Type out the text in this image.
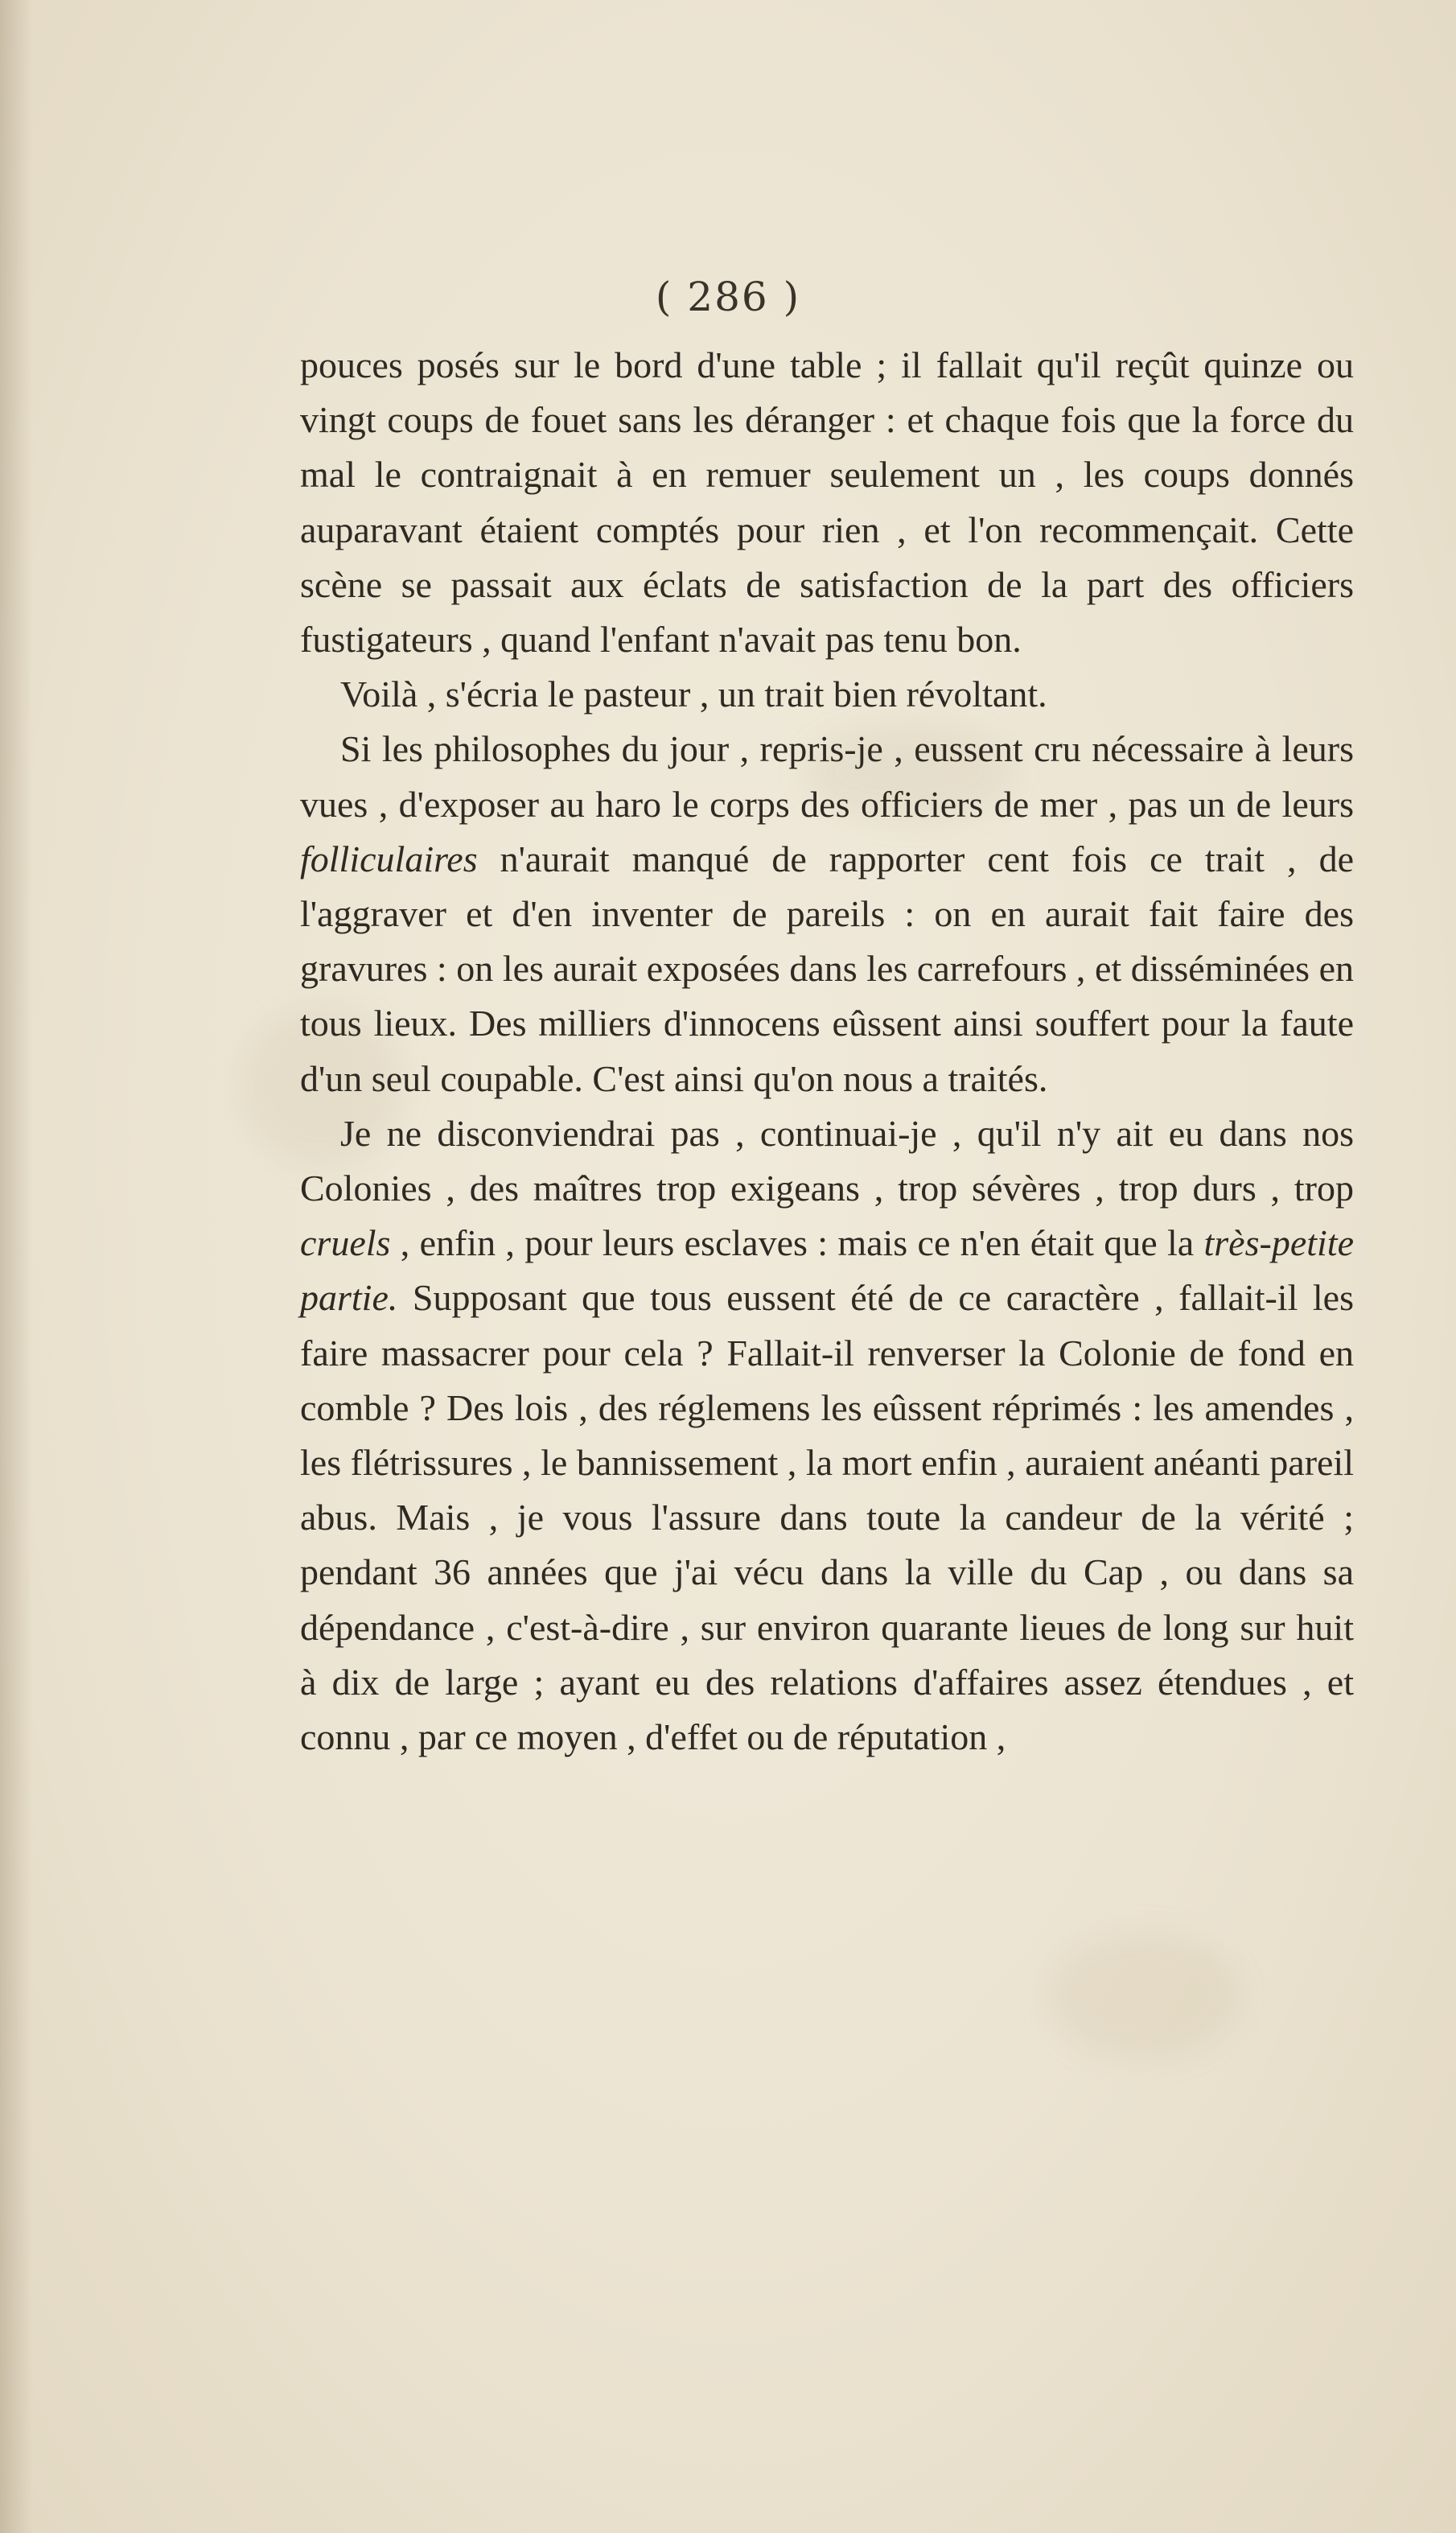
( 286 )

pouces posés sur le bord d'une table ; il fallait qu'il reçût quinze ou vingt coups de fouet sans les déranger : et chaque fois que la force du mal le contraignait à en remuer seulement un , les coups donnés auparavant étaient comptés pour rien , et l'on recommençait. Cette scène se passait aux éclats de satisfaction de la part des officiers fustigateurs , quand l'enfant n'avait pas tenu bon.

Voilà , s'écria le pasteur , un trait bien révoltant.

Si les philosophes du jour , repris-je , eussent cru nécessaire à leurs vues , d'exposer au haro le corps des officiers de mer , pas un de leurs folliculaires n'aurait manqué de rapporter cent fois ce trait , de l'aggraver et d'en inventer de pareils : on en aurait fait faire des gravures : on les aurait exposées dans les carrefours , et disséminées en tous lieux. Des milliers d'innocens eûssent ainsi souffert pour la faute d'un seul coupable. C'est ainsi qu'on nous a traités.

Je ne disconviendrai pas , continuai-je , qu'il n'y ait eu dans nos Colonies , des maîtres trop exigeans , trop sévères , trop durs , trop cruels , enfin , pour leurs esclaves : mais ce n'en était que la très-petite partie. Supposant que tous eussent été de ce caractère , fallait-il les faire massacrer pour cela ? Fallait-il renverser la Colonie de fond en comble ? Des lois , des réglemens les eûssent réprimés : les amendes , les flétrissures , le bannissement , la mort enfin , auraient anéanti pareil abus. Mais , je vous l'assure dans toute la candeur de la vérité ; pendant 36 années que j'ai vécu dans la ville du Cap , ou dans sa dépendance , c'est-à-dire , sur environ quarante lieues de long sur huit à dix de large ; ayant eu des relations d'affaires assez étendues , et connu , par ce moyen , d'effet ou de réputation ,
